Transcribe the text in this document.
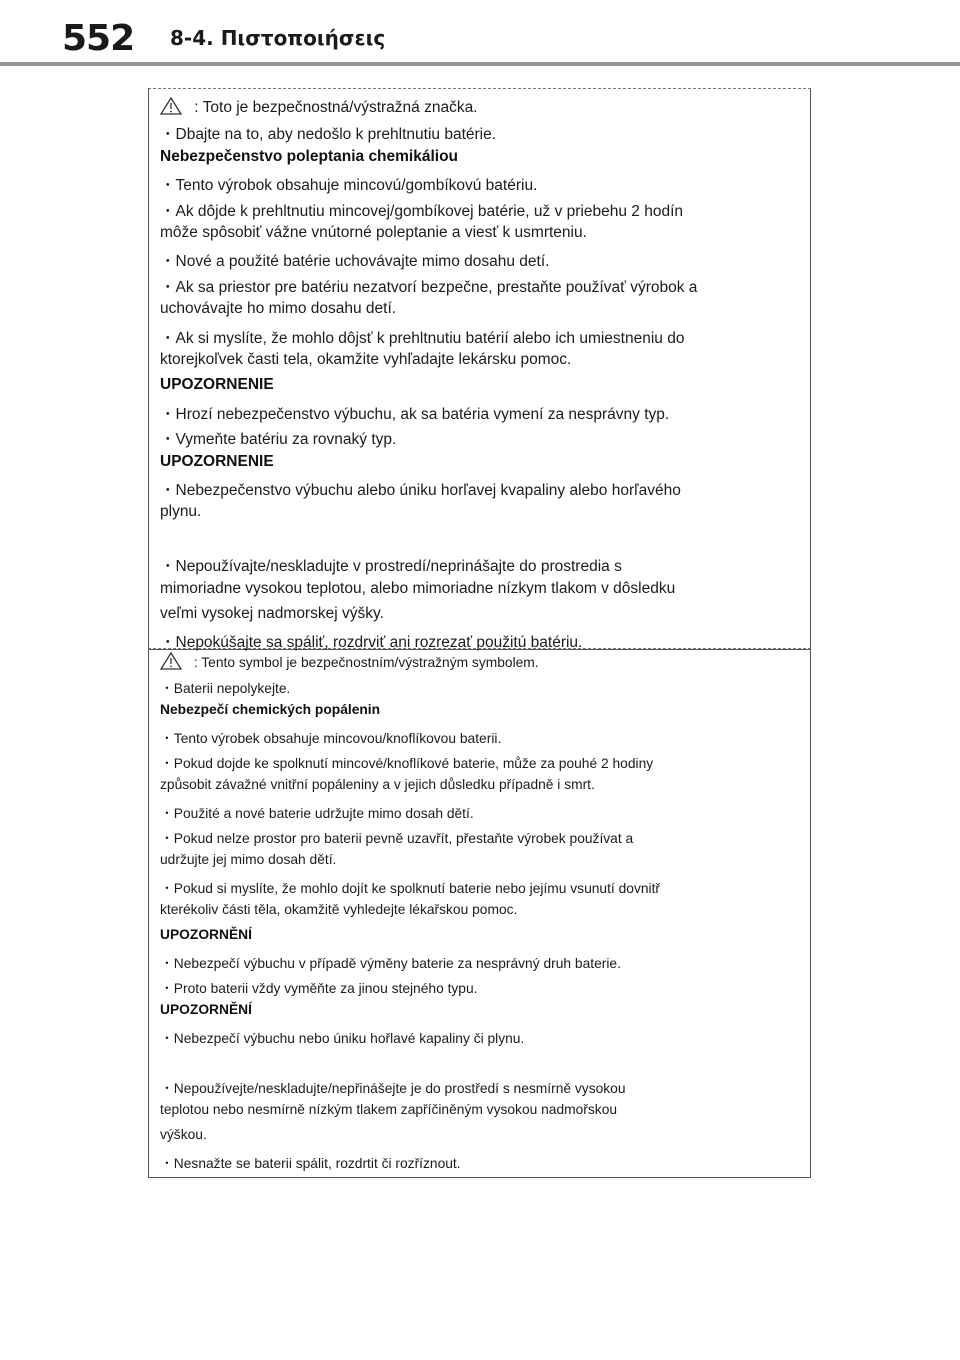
552 8-4. Πιστοποιήσεις
: Toto je bezpečnostná/výstražná značka.
・Dbajte na to, aby nedošlo k prehltnutiu batérie.
Nebezpečenstvo poleptania chemikáliou
・Tento výrobok obsahuje mincovú/gombíkovú batériu.
・Ak dôjde k prehltnutiu mincovej/gombíkovej batérie, už v priebehu 2 hodín
môže spôsobiť vážne vnútorné poleptanie a viesť k usmrteniu.
・Nové a použité batérie uchovávajte mimo dosahu detí.
・Ak sa priestor pre batériu nezatvorí bezpečne, prestaňte používať výrobok a
uchovávajte ho mimo dosahu detí.
・Ak si myslíte, že mohlo dôjsť k prehltnutiu batérií alebo ich umiestneniu do
ktorejkoľvek časti tela, okamžite vyhľadajte lekársku pomoc.
UPOZORNENIE
・Hrozí nebezpečenstvo výbuchu, ak sa batéria vymení za nesprávny typ.
・Vymeňte batériu za rovnaký typ.
UPOZORNENIE
・Nebezpečenstvo výbuchu alebo úniku horľavej kvapaliny alebo horľavého
plynu.
・Nepoužívajte/neskladujte v prostredí/neprinášajte do prostredia s
mimoriadne vysokou teplotou, alebo mimoriadne nízkym tlakom v dôsledku
veľmi vysokej nadmorskej výšky.
・Nepokúšajte sa spáliť, rozdrviť ani rozrezať použitú batériu.
: Tento symbol je bezpečnostním/výstražným symbolem.
・Baterii nepolykejte.
Nebezpečí chemických popálenin
・Tento výrobek obsahuje mincovou/knoflíkovou baterii.
・Pokud dojde ke spolknutí mincové/knoflíkové baterie, může za pouhé 2 hodiny
způsobit závažné vnitřní popáleniny a v jejich důsledku případně i smrt.
・Použité a nové baterie udržujte mimo dosah dětí.
・Pokud nelze prostor pro baterii pevně uzavřít, přestaňte výrobek používat a
udržujte jej mimo dosah dětí.
・Pokud si myslíte, že mohlo dojít ke spolknutí baterie nebo jejímu vsunutí dovnitř
kterékoliv části těla, okamžitě vyhledejte lékařskou pomoc.
UPOZORNĚNÍ
・Nebezpečí výbuchu v případě výměny baterie za nesprávný druh baterie.
・Proto baterii vždy vyměňte za jinou stejného typu.
UPOZORNĚNÍ
・Nebezpečí výbuchu nebo úniku hořlavé kapaliny či plynu.
・Nepoužívejte/neskladujte/nepřinášejte je do prostředí s nesmírně vysokou
teplotou nebo nesmírně nízkým tlakem zapříčiněným vysokou nadmořskou
výškou.
・Nesnažte se baterii spálit, rozdrtit či rozříznout.
